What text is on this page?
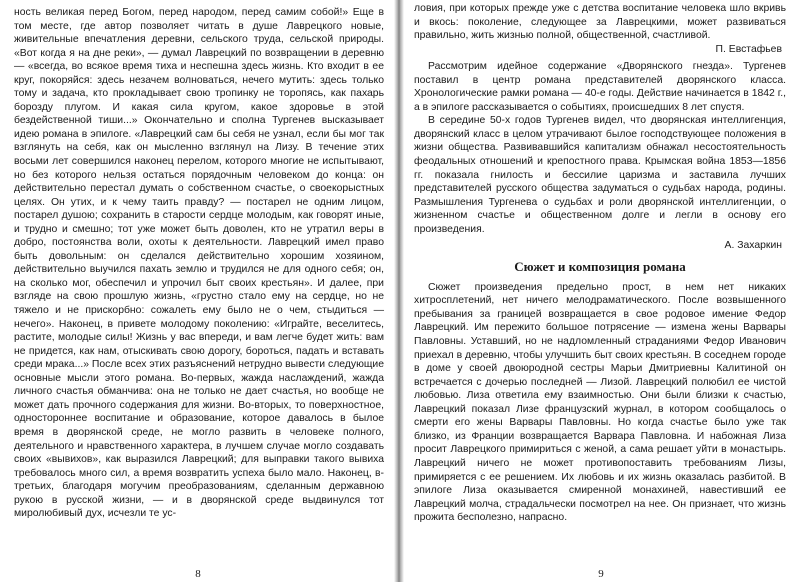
ность великая перед Богом, перед народом, перед самим собой!» Еще в том месте, где автор позволяет читать в душе Лаврецкого новые, живительные впечатления деревни, сельского труда, сельской природы. «Вот когда я на дне реки», — думал Лаврецкий по возвращении в деревню — «всегда, во всякое время тиха и неспешна здесь жизнь. Кто входит в ее круг, покоряйся: здесь незачем волноваться, нечего мутить: здесь только тому и задача, кто прокладывает свою тропинку не торопясь, как пахарь борозду плугом. И какая сила кругом, какое здоровье в этой бездейственной тиши...» Окончательно и сполна Тургенев высказывает идею романа в эпилоге. «Лаврецкий сам бы себя не узнал, если бы мог так взглянуть на себя, как он мысленно взглянул на Лизу. В течение этих восьми лет совершился наконец перелом, которого многие не испытывают, но без которого нельзя остаться порядочным человеком до конца: он действительно перестал думать о собственном счастье, о своекорыстных целях. Он утих, и к чему таить правду? — постарел не одним лицом, постарел душою; сохранить в старости сердце молодым, как говорят иные, и трудно и смешно; тот уже может быть доволен, кто не утратил веры в добро, постоянства воли, охоты к деятельности. Лаврецкий имел право быть довольным: он сделался действительно хорошим хозяином, действительно выучился пахать землю и трудился не для одного себя; он, на сколько мог, обеспечил и упрочил быт своих крестьян». И далее, при взгляде на свою прошлую жизнь, «грустно стало ему на сердце, но не тяжело и не прискорбно: сожалеть ему было не о чем, стыдиться — нечего». Наконец, в привете молодому поколению: «Играйте, веселитесь, растите, молодые силы! Жизнь у вас впереди, и вам легче будет жить: вам не придется, как нам, отыскивать свою дорогу, бороться, падать и вставать среди мрака...» После всех этих разъяснений нетрудно вывести следующие основные мысли этого романа. Во-первых, жажда наслаждений, жажда личного счастья обманчива: она не только не дает счастья, но вообще не может дать прочного содержания для жизни. Во-вторых, то поверхностное, одностороннее воспитание и образование, которое давалось в былое время в дворянской среде, не могло развить в человеке полного, деятельного и нравственного характера, в лучшем случае могло создавать своих «вывихов», как выразился Лаврецкий; для выправки такого вывиха требовалось много сил, а время возвратить успеха было мало. Наконец, в-третьих, благодаря могучим преобразованиям, сделанным державною рукою в русской жизни, — и в дворянской среде выдвинулся тот миролюбивый дух, исчезли те ус-

8

ловия, при которых прежде уже с детства воспитание человека шло вкривь и вкось: поколение, следующее за Лаврецкими, может развиваться правильно, жить жизнью полной, общественной, счастливой.

П. Евстафьев

Рассмотрим идейное содержание «Дворянского гнезда». Тургенев поставил в центр романа представителей дворянского класса. Хронологические рамки романа — 40-е годы. Действие начинается в 1842 г., а в эпилоге рассказывается о событиях, происшедших 8 лет спустя.

В середине 50-х годов Тургенев видел, что дворянская интеллигенция, дворянский класс в целом утрачивают былое господствующее положения в жизни общества. Развивавшийся капитализм обнажал несостоятельность феодальных отношений и крепостного права. Крымская война 1853—1856 гг. показала гнилость и бессилие царизма и заставила лучших представителей русского общества задуматься о судьбах народа, родины. Размышления Тургенева о судьбах и роли дворянской интеллигенции, о жизненном счастье и общественном долге и легли в основу его произведения.

А. Захаркин

Сюжет и композиция романа

Сюжет произведения предельно прост, в нем нет никаких хитросплетений, нет ничего мелодраматического. После возвышенного пребывания за границей возвращается в свое родовое имение Федор Лаврецкий. Им пережито большое потрясение — измена жены Варвары Павловны. Уставший, но не надломленный страданиями Федор Иванович приехал в деревню, чтобы улучшить быт своих крестьян. В соседнем городе в доме у своей двоюродной сестры Марьи Дмитриевны Калитиной он встречается с дочерью последней — Лизой. Лаврецкий полюбил ее чистой любовью. Лиза ответила ему взаимностью. Они были близки к счастью, Лаврецкий показал Лизе французский журнал, в котором сообщалось о смерти его жены Варвары Павловны. Но когда счастье было уже так близко, из Франции возвращается Варвара Павловна. И набожная Лиза просит Лаврецкого примириться с женой, а сама решает уйти в монастырь. Лаврецкий ничего не может противопоставить требованиям Лизы, примиряется с ее решением. Их любовь и их жизнь оказалась разбитой. В эпилоге Лиза оказывается смиренной монахиней, навестивший ее Лаврецкий молча, страдальчески посмотрел на нее. Он признает, что жизнь прожита бесполезно, напрасно.

9
